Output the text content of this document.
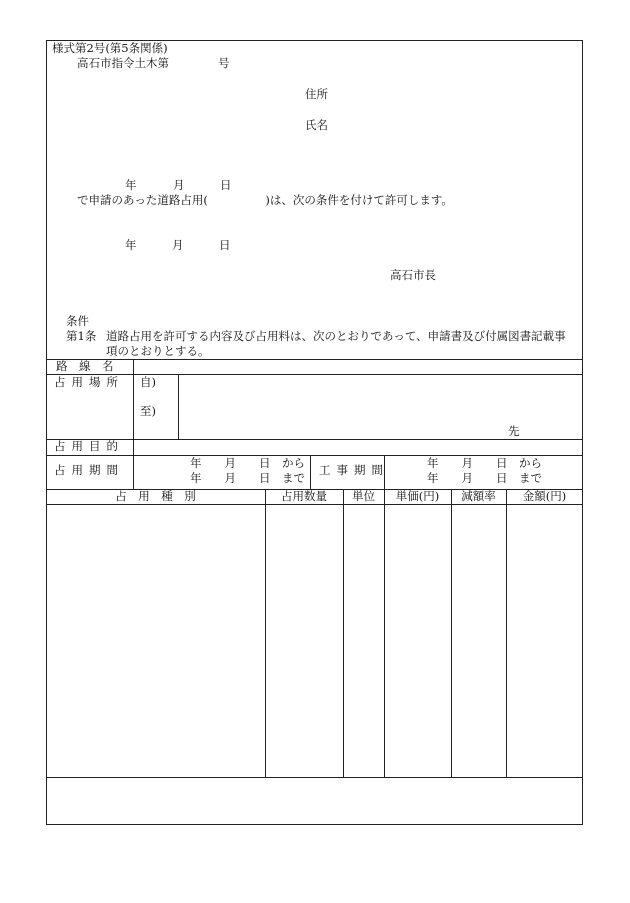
様式第2号(第5条関係)
高石市指令土木第	号
住所
氏名
年	月	日
で申請のあった道路占用(　　　　　)は、次の条件を付けて許可します。
年	月	日
高石市長
条件
第1条 道路占用を許可する内容及び占用料は、次のとおりであって、申請書及び付属図書記載事
項のとおりとする。
路　線　名
占用場所 自)
至)
先
占用目的
占用期間	年　　月　　日　から
年　　月　　日　まで
工事期間	年　　月　　日　から
年　　月　　日　まで
占　用　種　別	占用数量	単位	単価(円)	減額率	金額(円)
